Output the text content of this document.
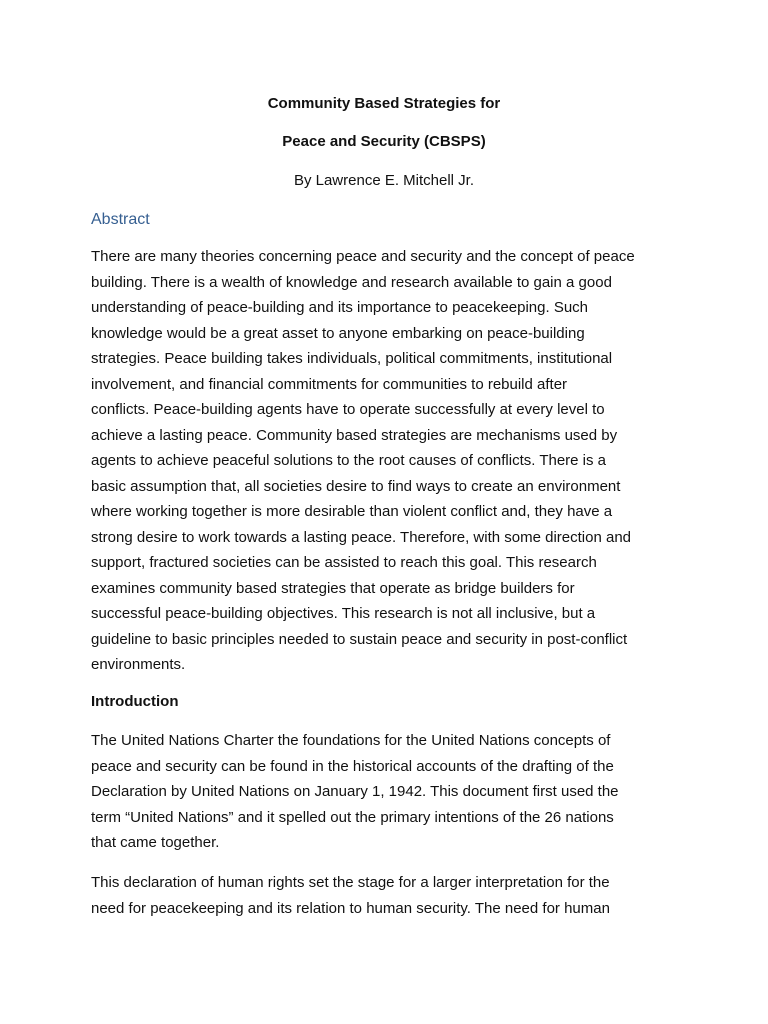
Community Based Strategies for
Peace and Security (CBSPS)
By Lawrence E. Mitchell Jr.
Abstract

There are many theories concerning peace and security and the concept of peace
building. There is a wealth of knowledge and research available to gain a good
understanding of peace-building and its importance to peacekeeping. Such
knowledge would be a great asset to anyone embarking on peace-building
strategies. Peace building takes individuals, political commitments, institutional
involvement, and financial commitments for communities to rebuild after
conflicts. Peace-building agents have to operate successfully at every level to
achieve a lasting peace. Community based strategies are mechanisms used by
agents to achieve peaceful solutions to the root causes of conflicts. There is a
basic assumption that, all societies desire to find ways to create an environment
where working together is more desirable than violent conflict and, they have a
strong desire to work towards a lasting peace. Therefore, with some direction and
support, fractured societies can be assisted to reach this goal. This research
examines community based strategies that operate as bridge builders for
successful peace-building objectives. This research is not all inclusive, but a
guideline to basic principles needed to sustain peace and security in post-conflict
environments.

Introduction

The United Nations Charter the foundations for the United Nations concepts of
peace and security can be found in the historical accounts of the drafting of the
Declaration by United Nations on January 1, 1942. This document first used the
term “United Nations” and it spelled out the primary intentions of the 26 nations
that came together.

This declaration of human rights set the stage for a larger interpretation for the
need for peacekeeping and its relation to human security. The need for human
